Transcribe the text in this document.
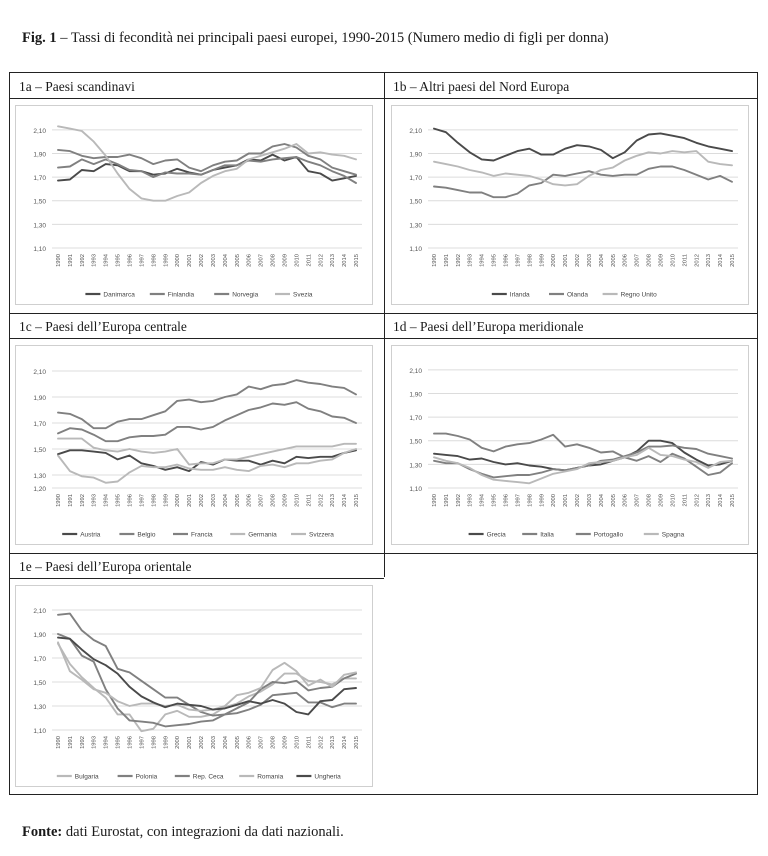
Fig. 1 – Tassi di fecondità nei principali paesi europei, 1990-2015 (Numero medio di figli per donna)
1a – Paesi scandinavi
2,10
1,90
1,70
1,50
1,30
1,10
1990 1991 1992 1993 1994 1995 1996 1997 1998 1999 2000 2001 2002 2003 2004 2005 2006 2007 2008 2009 2010 2011 2012 2013 2014 2015
Danimarca	Finlandia	Norvegia	Svezia
1b – Altri paesi del Nord Europa
2,10
1,90
1,70
1,50
1,30
1,10
1990 1991 1992 1993 1994 1995 1996 1997 1998 1999 2000 2001 2002 2003 2004 2005 2006 2007 2008 2009 2010 2011 2012 2013 2014 2015
Irlanda	Olanda	Regno Unito
1c – Paesi dell’Europa centrale
2,10
1,90
1,70
1,50
1,30
1,20
1990 1991 1992 1993 1994 1995 1996 1997 1998 1999 2000 2001 2002 2003 2004 2005 2006 2007 2008 2009 2010 2011 2012 2013 2014 2015
Austria	Belgio	Francia	Germania	Svizzera
1d – Paesi dell’Europa meridionale
2,10
1,90
1,70
1,50
1,30
1,10
1990 1991 1992 1993 1994 1995 1996 1997 1998 1999 2000 2001 2002 2003 2004 2005 2006 2007 2008 2009 2010 2011 2012 2013 2014 2015
Grecia	Italia	Portogallo	Spagna
1e – Paesi dell’Europa orientale
2,10
1,90
1,70
1,50
1,30
1,10
1990 1991 1992 1993 1994 1995 1996 1997 1998 1999 2000 2001 2002 2003 2004 2005 2006 2007 2008 2009 2010 2011 2012 2013 2014 2015
Bulgaria	Polonia	Rep. Ceca	Romania	Ungheria
Fonte: dati Eurostat, con integrazioni da dati nazionali.
